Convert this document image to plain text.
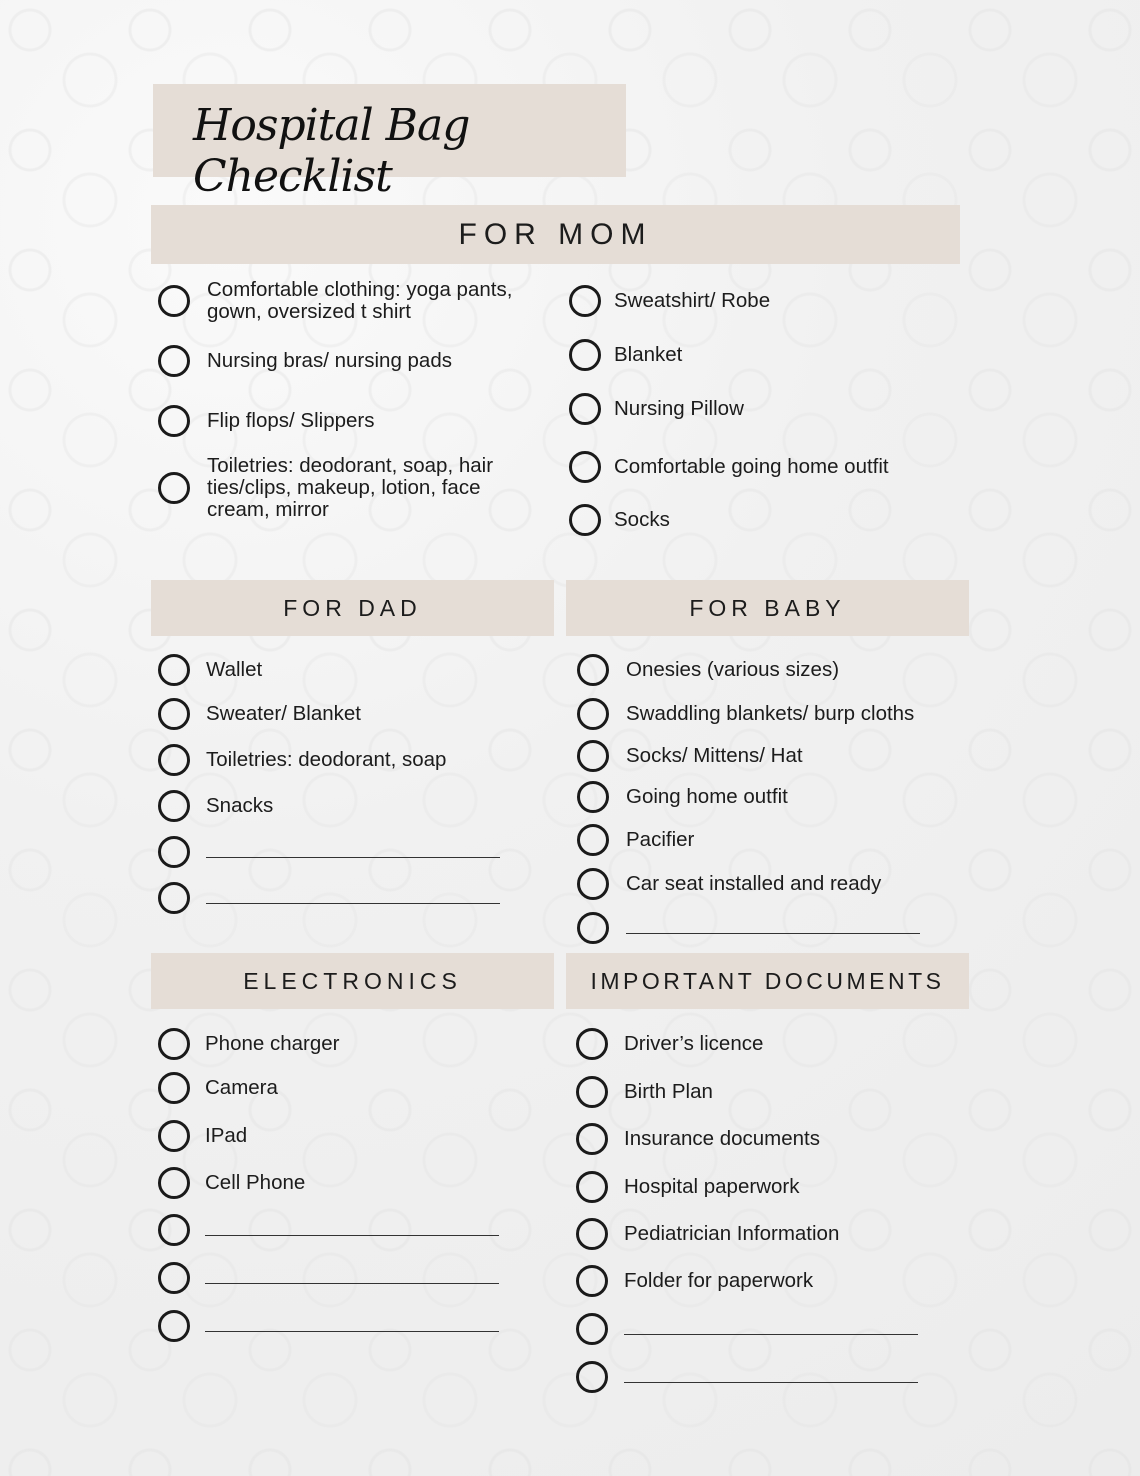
Hospital Bag Checklist
FOR MOM
FOR DAD	FOR BABY
ELECTRONICS	IMPORTANT DOCUMENTS
Comfortable clothing: yoga pants, gown, oversized t shirt
Nursing bras/ nursing pads
Flip flops/ Slippers
Toiletries: deodorant, soap, hair ties/clips, makeup, lotion, face cream, mirror
Sweatshirt/ Robe
Blanket
Nursing Pillow
Comfortable going home outfit
Socks
Wallet
Sweater/ Blanket
Toiletries: deodorant, soap
Snacks
Onesies (various sizes)
Swaddling blankets/ burp cloths
Socks/ Mittens/ Hat
Going home outfit
Pacifier
Car seat installed and ready
Phone charger
Camera
IPad
Cell Phone
Driver’s licence
Birth Plan
Insurance documents
Hospital paperwork
Pediatrician Information
Folder for paperwork
